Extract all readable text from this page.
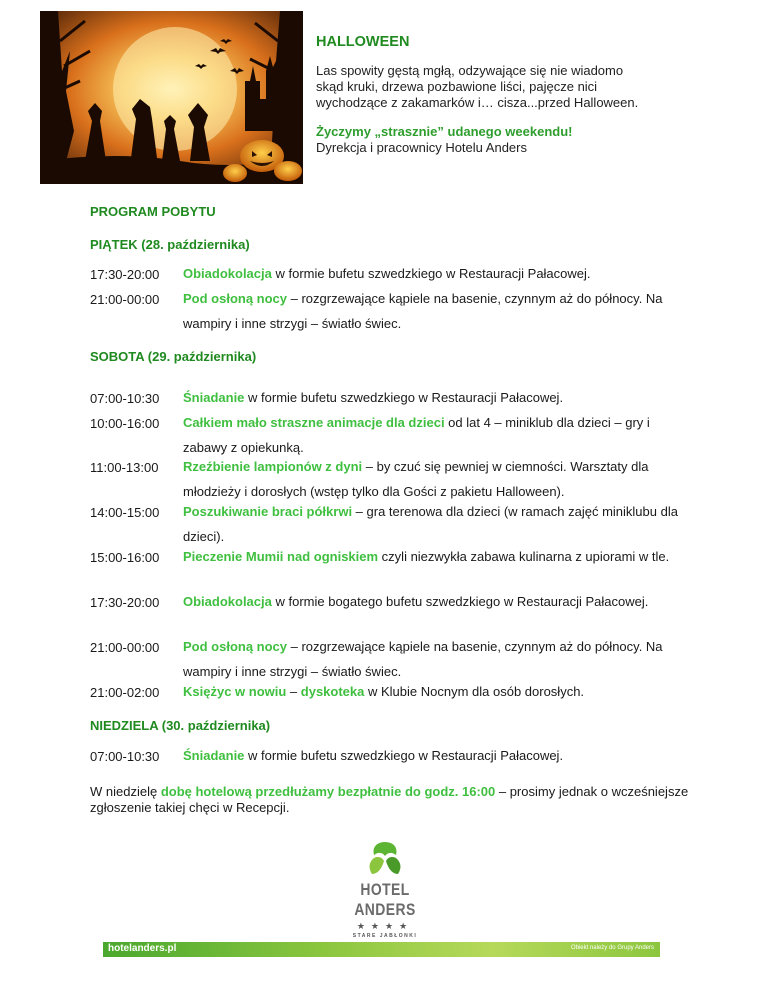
HALLOWEEN
Las spowity gęstą mgłą, odzywające się nie wiadomo
skąd kruki, drzewa pozbawione liści, pajęcze nici
wychodzące z zakamarków i… cisza...przed Halloween.
Życzymy „strasznie” udanego weekendu!
Dyrekcja i pracownicy Hotelu Anders
PROGRAM POBYTU
PIĄTEK (28. października)
17:30-20:00	Obiadokolacja w formie bufetu szwedzkiego w Restauracji Pałacowej.
21:00-00:00	Pod osłoną nocy – rozgrzewające kąpiele na basenie, czynnym aż do północy. Na wampiry i inne strzygi – światło świec.
SOBOTA (29. października)
07:00-10:30	Śniadanie w formie bufetu szwedzkiego w Restauracji Pałacowej.
10:00-16:00	Całkiem mało straszne animacje dla dzieci od lat 4 – miniklub dla dzieci – gry i zabawy z opiekunką.
11:00-13:00	Rzeźbienie lampionów z dyni – by czuć się pewniej w ciemności. Warsztaty dla młodzieży i dorosłych (wstęp tylko dla Gości z pakietu Halloween).
14:00-15:00	Poszukiwanie braci półkrwi – gra terenowa dla dzieci (w ramach zajęć miniklubu dla dzieci).
15:00-16:00	Pieczenie Mumii nad ogniskiem czyli niezwykła zabawa kulinarna z upiorami w tle.
17:30-20:00	Obiadokolacja w formie bogatego bufetu szwedzkiego w Restauracji Pałacowej.
21:00-00:00	Pod osłoną nocy – rozgrzewające kąpiele na basenie, czynnym aż do północy. Na wampiry i inne strzygi – światło świec.
21:00-02:00	Księżyc w nowiu – dyskoteka w Klubie Nocnym dla osób dorosłych.
NIEDZIELA (30. października)
07:00-10:30	Śniadanie w formie bufetu szwedzkiego w Restauracji Pałacowej.
W niedzielę dobę hotelową przedłużamy bezpłatnie do godz. 16:00 – prosimy jednak o wcześniejsze zgłoszenie takiej chęci w Recepcji.
HOTEL ANDERS
★★★★
STARE JABŁONKI
hotelanders.pl	Obiekt należy do Grupy Anders
